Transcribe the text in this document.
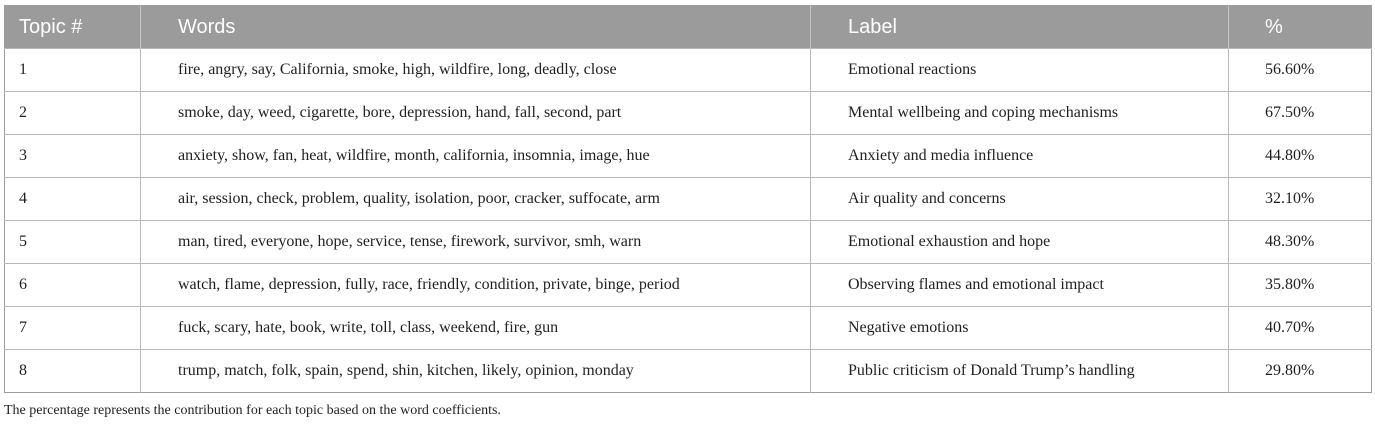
Topic #	Words	Label	%
1	fire, angry, say, California, smoke, high, wildfire, long, deadly, close	Emotional reactions	56.60%
2	smoke, day, weed, cigarette, bore, depression, hand, fall, second, part	Mental wellbeing and coping mechanisms	67.50%
3	anxiety, show, fan, heat, wildfire, month, california, insomnia, image, hue	Anxiety and media influence	44.80%
4	air, session, check, problem, quality, isolation, poor, cracker, suffocate, arm	Air quality and concerns	32.10%
5	man, tired, everyone, hope, service, tense, firework, survivor, smh, warn	Emotional exhaustion and hope	48.30%
6	watch, flame, depression, fully, race, friendly, condition, private, binge, period	Observing flames and emotional impact	35.80%
7	fuck, scary, hate, book, write, toll, class, weekend, fire, gun	Negative emotions	40.70%
8	trump, match, folk, spain, spend, shin, kitchen, likely, opinion, monday	Public criticism of Donald Trump’s handling	29.80%
The percentage represents the contribution for each topic based on the word coefficients.
